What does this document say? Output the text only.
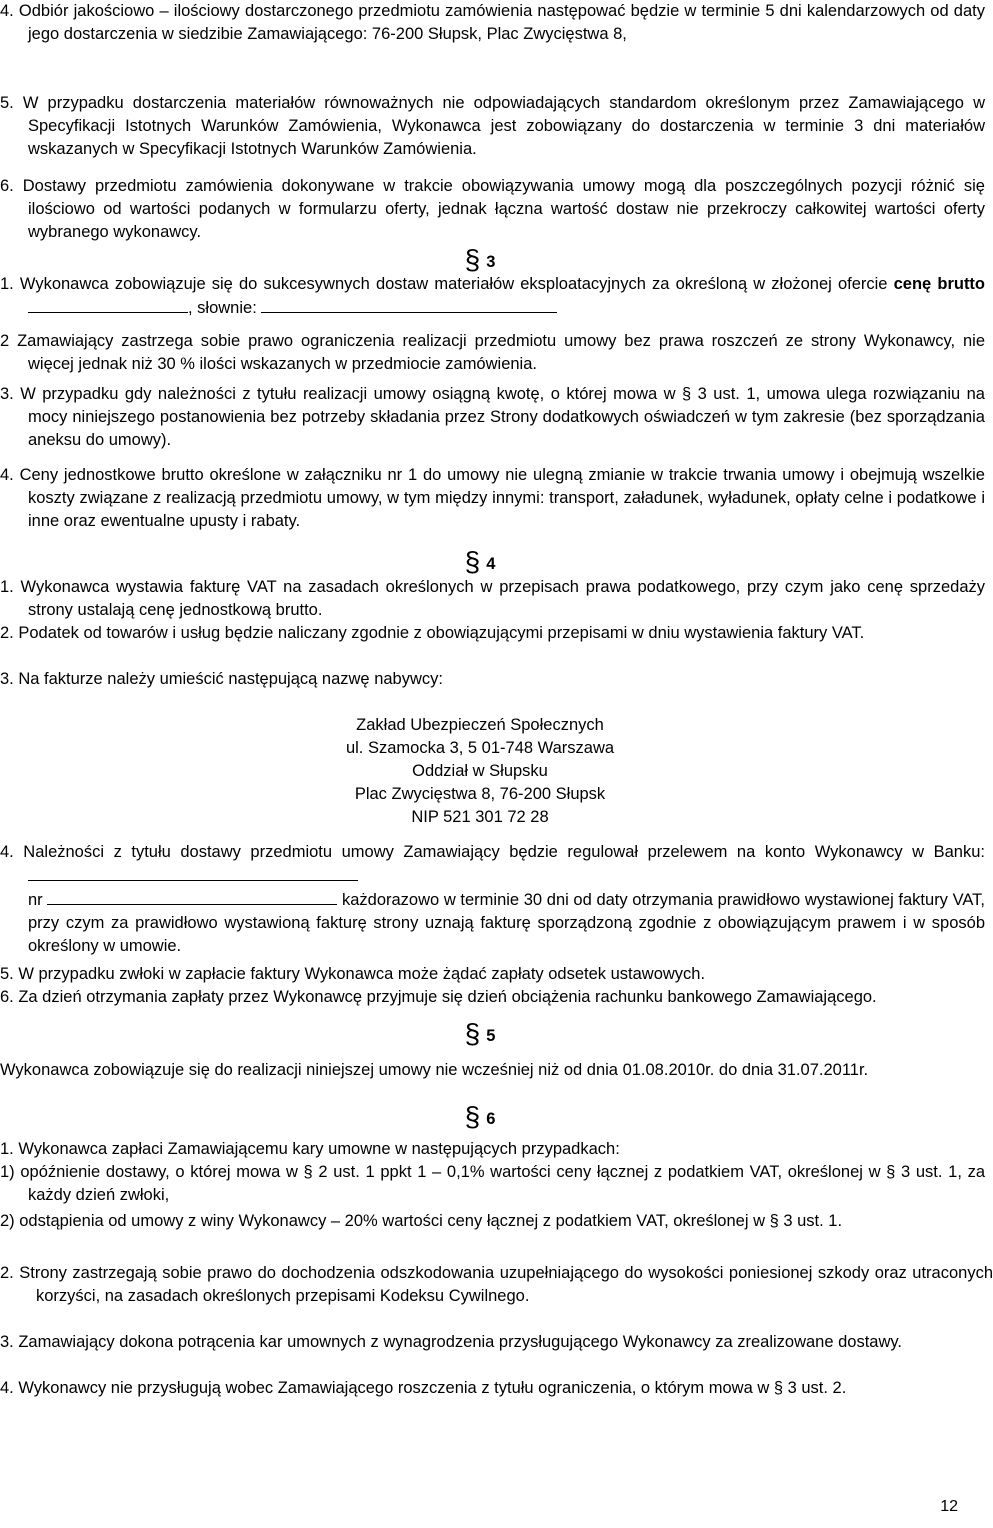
4. Odbiór jakościowo – ilościowy dostarczonego przedmiotu zamówienia następować będzie w terminie 5 dni kalendarzowych od daty jego dostarczenia w siedzibie Zamawiającego: 76-200 Słupsk, Plac Zwycięstwa 8,

5. W przypadku dostarczenia materiałów równoważnych nie odpowiadających standardom określonym przez Zamawiającego w Specyfikacji Istotnych Warunków Zamówienia, Wykonawca jest zobowiązany do dostarczenia w terminie 3 dni materiałów wskazanych w Specyfikacji Istotnych Warunków Zamówienia.

6. Dostawy przedmiotu zamówienia dokonywane w trakcie obowiązywania umowy mogą dla poszczególnych pozycji różnić się ilościowo od wartości podanych w formularzu oferty, jednak łączna wartość dostaw nie przekroczy całkowitej wartości oferty wybranego wykonawcy.

§ 3

1. Wykonawca zobowiązuje się do sukcesywnych dostaw materiałów eksploatacyjnych za określoną w złożonej ofercie cenę brutto , słownie:

2 Zamawiający zastrzega sobie prawo ograniczenia realizacji przedmiotu umowy bez prawa roszczeń ze strony Wykonawcy, nie więcej jednak niż 30 % ilości wskazanych w przedmiocie zamówienia.

3. W przypadku gdy należności z tytułu realizacji umowy osiągną kwotę, o której mowa w § 3 ust. 1, umowa ulega rozwiązaniu na mocy niniejszego postanowienia bez potrzeby składania przez Strony dodatkowych oświadczeń w tym zakresie (bez sporządzania aneksu do umowy).

4. Ceny jednostkowe brutto określone w załączniku nr 1 do umowy nie ulegną zmianie w trakcie trwania umowy i obejmują wszelkie koszty związane z realizacją przedmiotu umowy, w tym między innymi: transport, załadunek, wyładunek, opłaty celne i podatkowe i inne oraz ewentualne upusty i rabaty.

§ 4

1. Wykonawca wystawia fakturę VAT na zasadach określonych w przepisach prawa podatkowego, przy czym jako cenę sprzedaży strony ustalają cenę jednostkową brutto.

2. Podatek od towarów i usług będzie naliczany zgodnie z obowiązującymi przepisami w dniu wystawienia faktury VAT.

3. Na fakturze należy umieścić następującą nazwę nabywcy:

Zakład Ubezpieczeń Społecznych

ul. Szamocka 3, 5 01-748 Warszawa

Oddział w Słupsku

Plac Zwycięstwa 8, 76-200 Słupsk

NIP 521 301 72 28

4. Należności z tytułu dostawy przedmiotu umowy Zamawiający będzie regulował przelewem na konto Wykonawcy w Banku:
nr	każdorazowo w terminie 30 dni od daty otrzymania prawidłowo wystawionej faktury VAT, przy czym za prawidłowo wystawioną fakturę strony uznają fakturę sporządzoną zgodnie z obowiązującym prawem i w sposób określony w umowie.

5. W przypadku zwłoki w zapłacie faktury Wykonawca może żądać zapłaty odsetek ustawowych.

6. Za dzień otrzymania zapłaty przez Wykonawcę przyjmuje się dzień obciążenia rachunku bankowego Zamawiającego.

§ 5

Wykonawca zobowiązuje się do realizacji niniejszej umowy nie wcześniej niż od dnia 01.08.2010r. do dnia 31.07.2011r.

§ 6

1. Wykonawca zapłaci Zamawiającemu kary umowne w następujących przypadkach:

1) opóźnienie dostawy, o której mowa w § 2 ust. 1 ppkt 1 – 0,1% wartości ceny łącznej z podatkiem VAT, określonej w § 3 ust. 1, za każdy dzień zwłoki,

2) odstąpienia od umowy z winy Wykonawcy – 20% wartości ceny łącznej z podatkiem VAT, określonej w § 3 ust. 1.

2. Strony zastrzegają sobie prawo do dochodzenia odszkodowania uzupełniającego do wysokości poniesionej szkody oraz utraconych korzyści, na zasadach określonych przepisami Kodeksu Cywilnego.

3. Zamawiający dokona potrącenia kar umownych z wynagrodzenia przysługującego Wykonawcy za zrealizowane dostawy.

4. Wykonawcy nie przysługują wobec Zamawiającego roszczenia z tytułu ograniczenia, o którym mowa w § 3 ust. 2.

12
